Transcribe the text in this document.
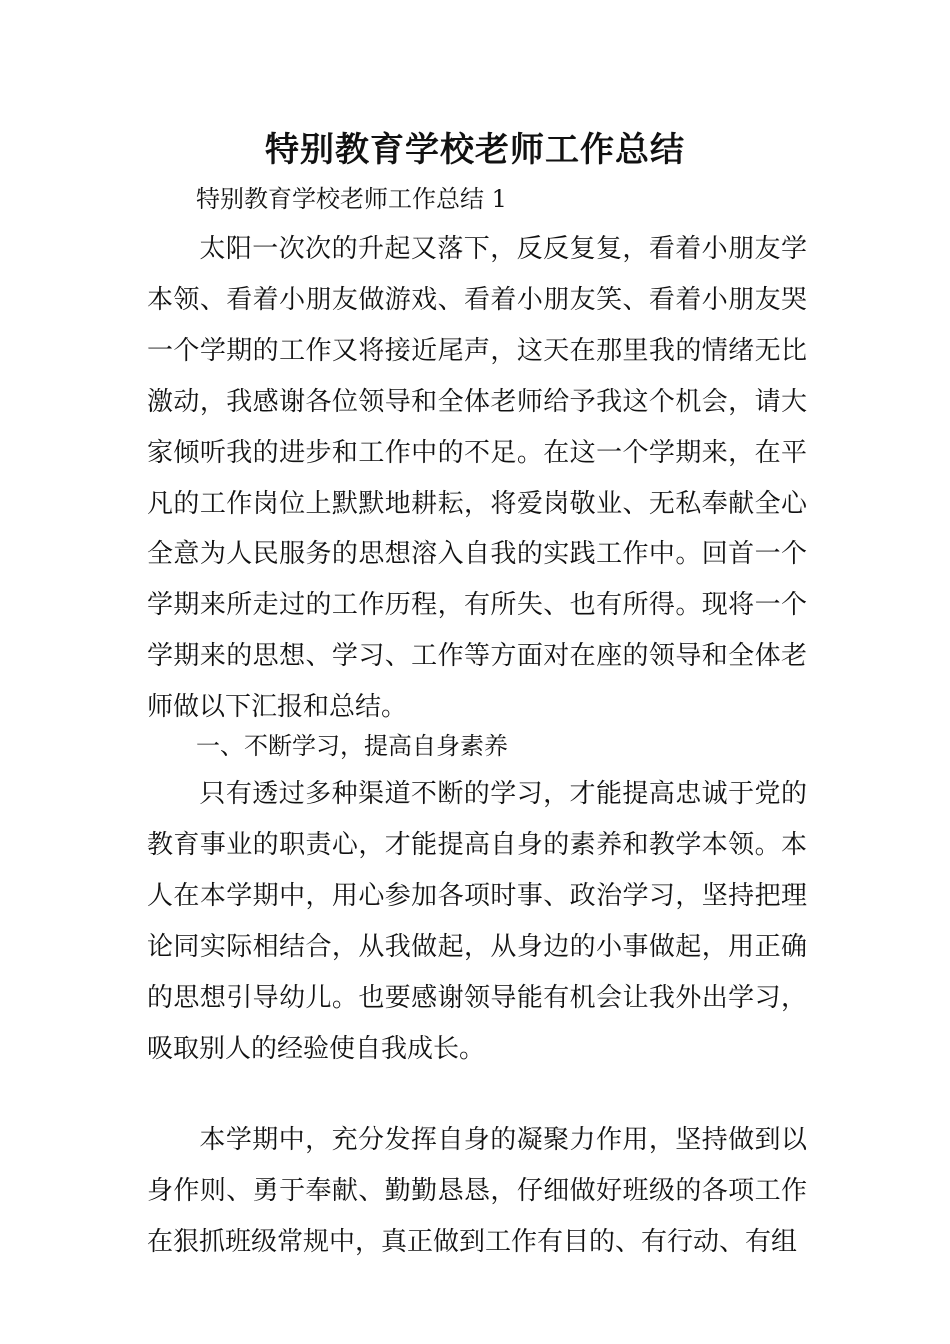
特别教育学校老师工作总结

特别教育学校老师工作总结 1

太阳一次次的升起又落下，反反复复，看着小朋友学本领、看着小朋友做游戏、看着小朋友笑、看着小朋友哭一个学期的工作又将接近尾声，这天在那里我的情绪无比激动，我感谢各位领导和全体老师给予我这个机会，请大家倾听我的进步和工作中的不足。在这一个学期来，在平凡的工作岗位上默默地耕耘，将爱岗敬业、无私奉献全心全意为人民服务的思想溶入自我的实践工作中。回首一个学期来所走过的工作历程，有所失、也有所得。现将一个学期来的思想、学习、工作等方面对在座的领导和全体老师做以下汇报和总结。

一、不断学习，提高自身素养

只有透过多种渠道不断的学习，才能提高忠诚于党的教育事业的职责心，才能提高自身的素养和教学本领。本人在本学期中，用心参加各项时事、政治学习，坚持把理论同实际相结合，从我做起，从身边的小事做起，用正确的思想引导幼儿。也要感谢领导能有机会让我外出学习，吸取别人的经验使自我成长。

本学期中，充分发挥自身的凝聚力作用，坚持做到以身作则、勇于奉献、勤勤恳恳，仔细做好班级的各项工作在狠抓班级常规中，真正做到工作有目的、有行动、有组
